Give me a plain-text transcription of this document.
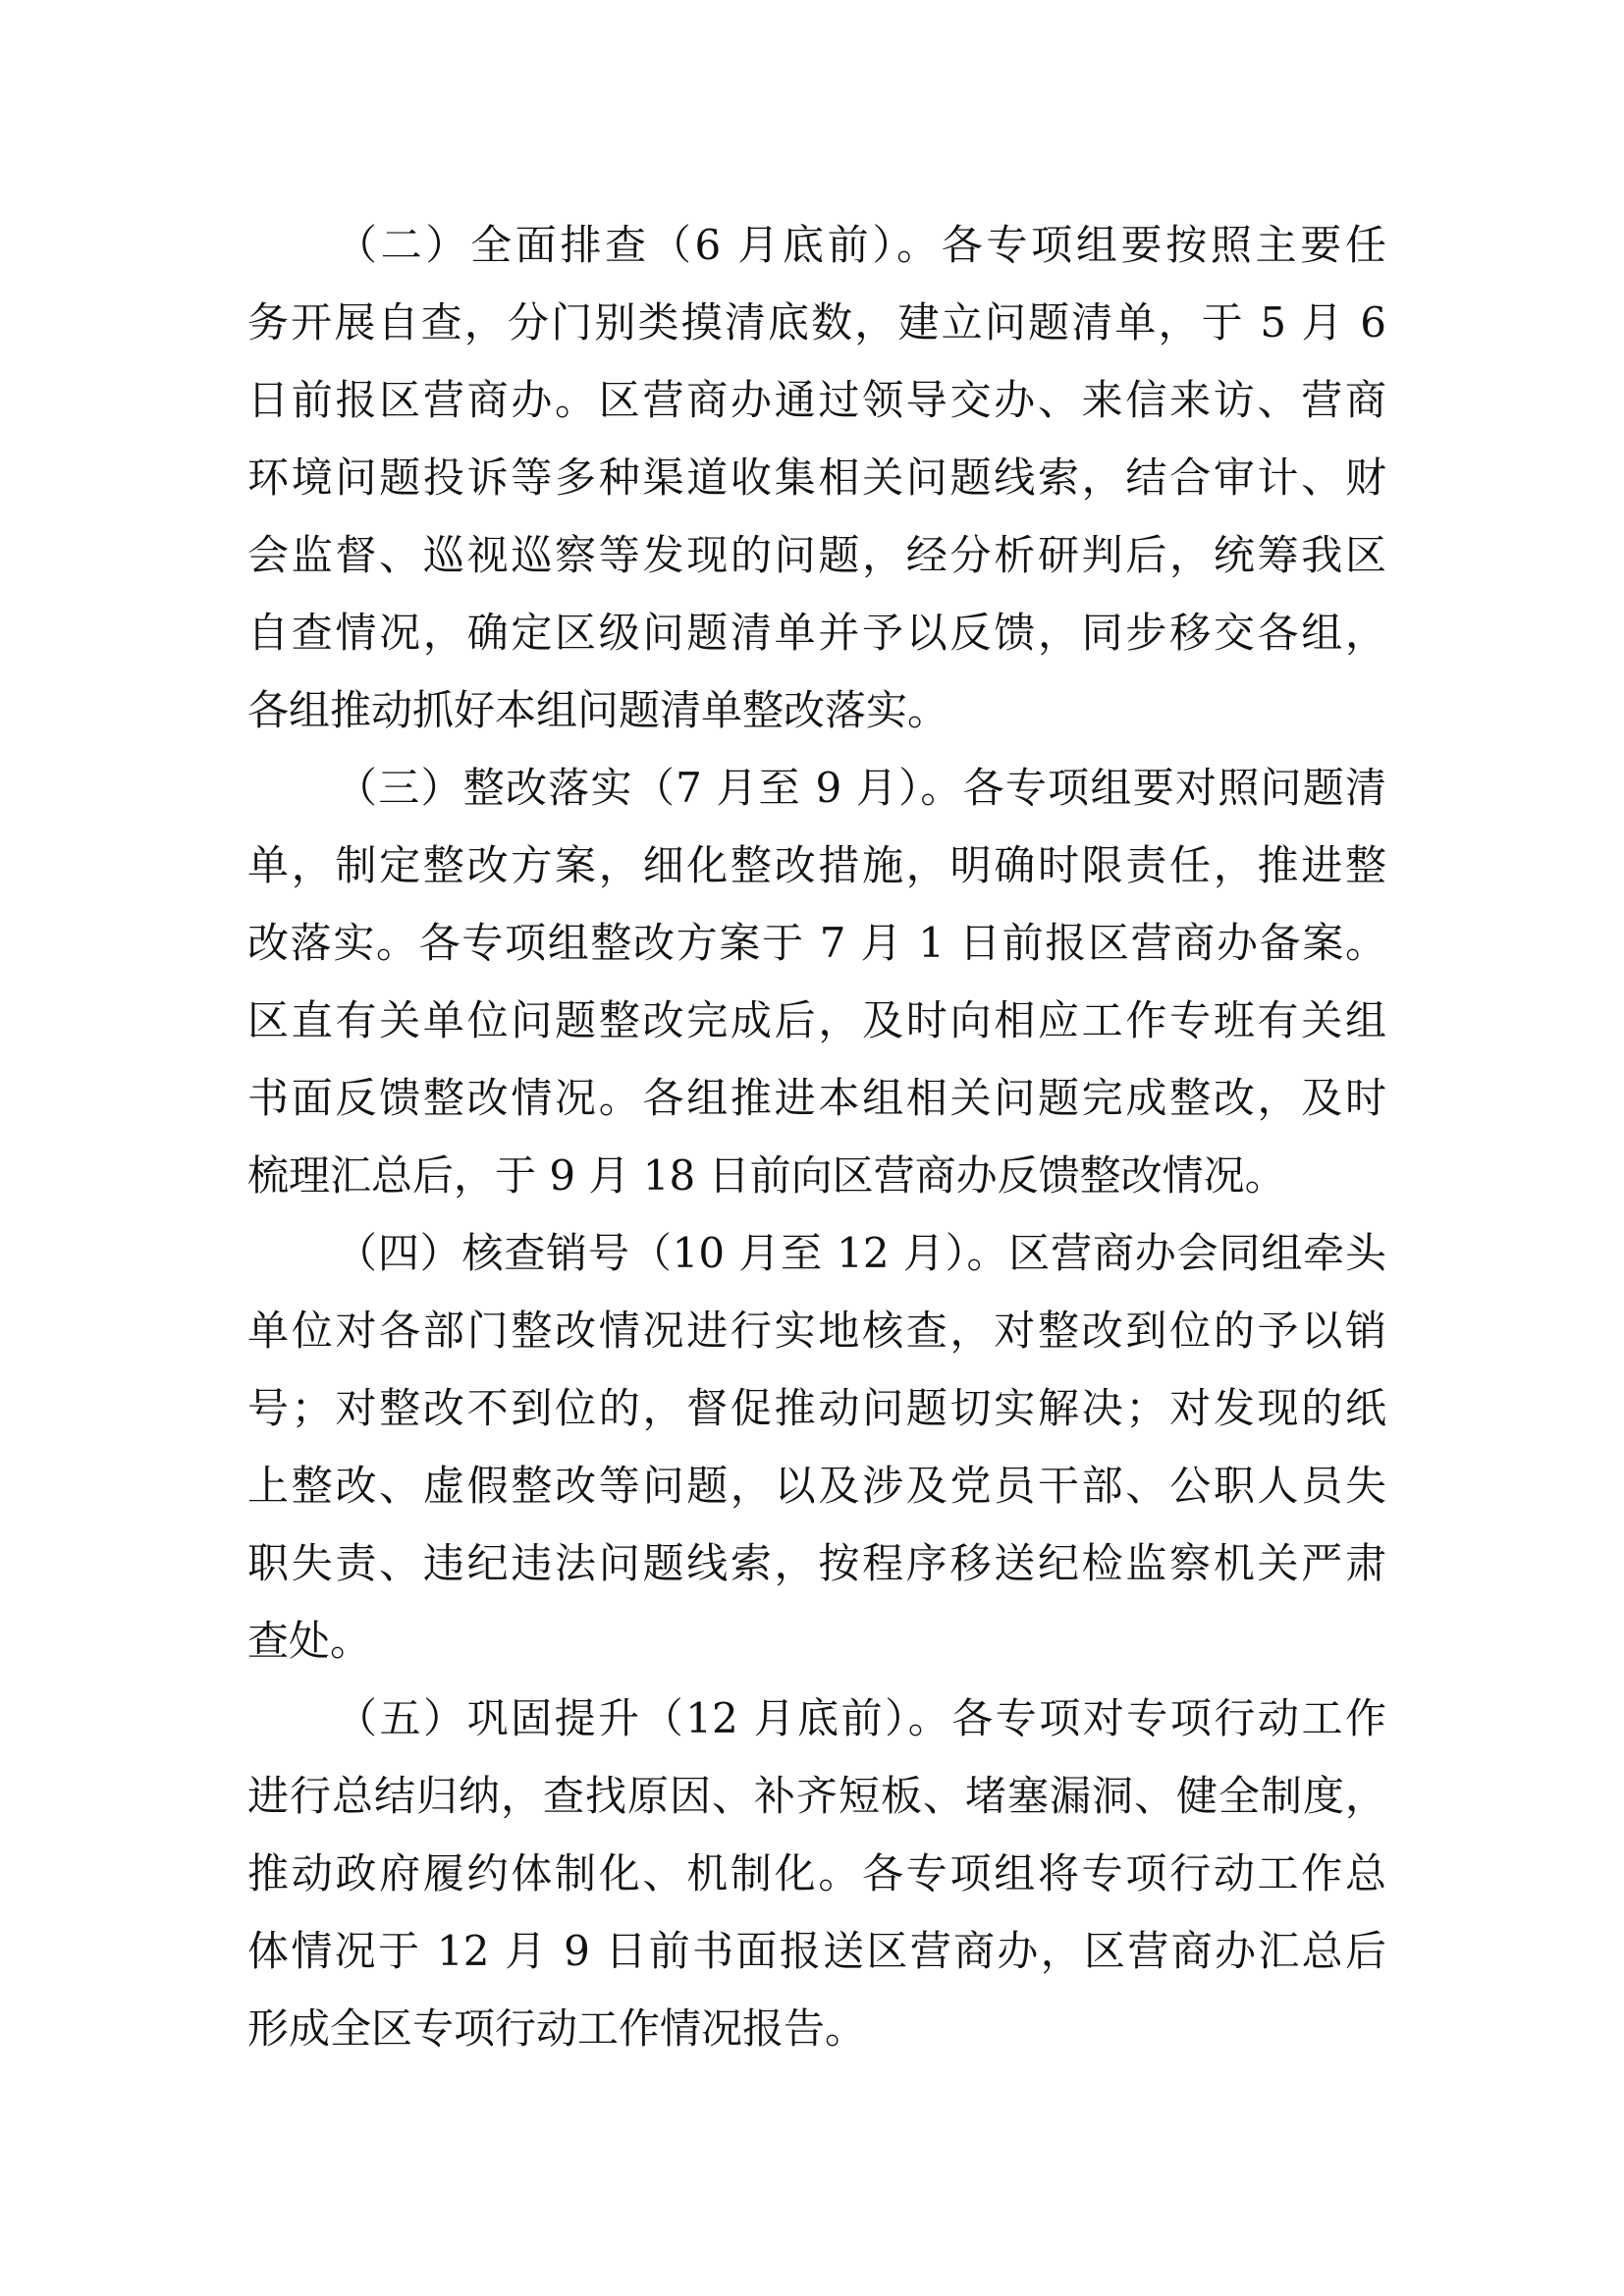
（二）全面排查（6 月底前）。各专项组要按照主要任
务开展自查，分门别类摸清底数，建立问题清单，于 5 月 6
日前报区营商办。区营商办通过领导交办、来信来访、营商
环境问题投诉等多种渠道收集相关问题线索，结合审计、财
会监督、巡视巡察等发现的问题，经分析研判后，统筹我区
自查情况，确定区级问题清单并予以反馈，同步移交各组，
各组推动抓好本组问题清单整改落实。
（三）整改落实（7 月至 9 月）。各专项组要对照问题清
单，制定整改方案，细化整改措施，明确时限责任，推进整
改落实。各专项组整改方案于 7 月 1 日前报区营商办备案。
区直有关单位问题整改完成后，及时向相应工作专班有关组
书面反馈整改情况。各组推进本组相关问题完成整改，及时
梳理汇总后，于 9 月 18 日前向区营商办反馈整改情况。
（四）核查销号（10 月至 12 月）。区营商办会同组牵头
单位对各部门整改情况进行实地核查，对整改到位的予以销
号；对整改不到位的，督促推动问题切实解决；对发现的纸
上整改、虚假整改等问题，以及涉及党员干部、公职人员失
职失责、违纪违法问题线索，按程序移送纪检监察机关严肃
查处。
（五）巩固提升（12 月底前）。各专项对专项行动工作
进行总结归纳，查找原因、补齐短板、堵塞漏洞、健全制度，
推动政府履约体制化、机制化。各专项组将专项行动工作总
体情况于 12 月 9 日前书面报送区营商办，区营商办汇总后
形成全区专项行动工作情况报告。
